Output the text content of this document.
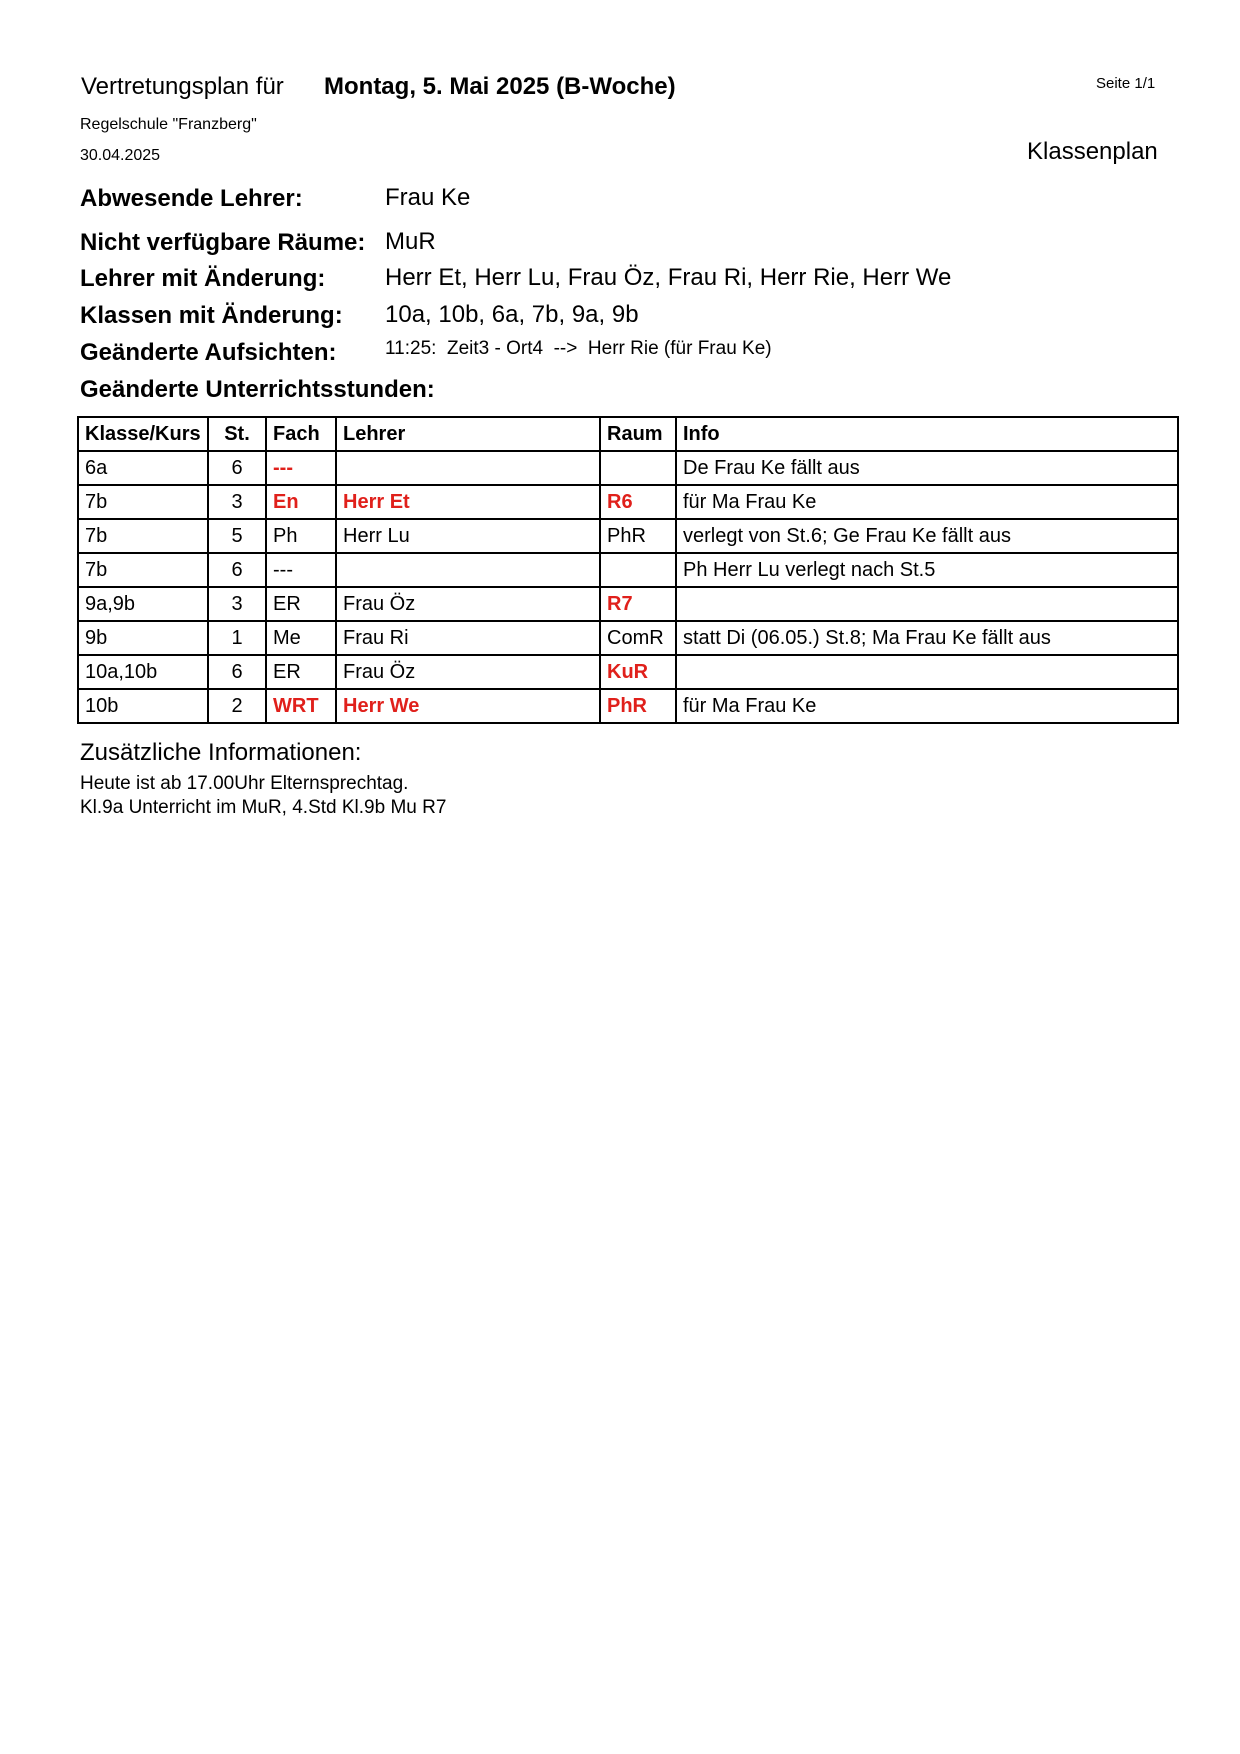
Vertretungsplan für Montag, 5. Mai 2025 (B-Woche)	Seite 1/1
Regelschule "Franzberg"
30.04.2025	Klassenplan
Abwesende Lehrer:	Frau Ke
Nicht verfügbare Räume: MuR
Lehrer mit Änderung: Herr Et, Herr Lu, Frau Öz, Frau Ri, Herr Rie, Herr We
Klassen mit Änderung: 10a, 10b, 6a, 7b, 9a, 9b
Geänderte Aufsichten:	11:25:  Zeit3 - Ort4  -->  Herr Rie (für Frau Ke)
Geänderte Unterrichtsstunden:
Klasse/Kurs	St.	Fach	Lehrer	Raum	Info
6a	6	---			De Frau Ke fällt aus
7b	3	En	Herr Et	R6	für Ma Frau Ke
7b	5	Ph	Herr Lu	PhR	verlegt von St.6; Ge Frau Ke fällt aus
7b	6	---			Ph Herr Lu verlegt nach St.5
9a,9b	3	ER	Frau Öz	R7	
9b	1	Me	Frau Ri	ComR	statt Di (06.05.) St.8; Ma Frau Ke fällt aus
10a,10b	6	ER	Frau Öz	KuR	
10b	2	WRT	Herr We	PhR	für Ma Frau Ke
Zusätzliche Informationen:
Heute ist ab 17.00Uhr Elternsprechtag.
Kl.9a Unterricht im MuR, 4.Std Kl.9b Mu R7
